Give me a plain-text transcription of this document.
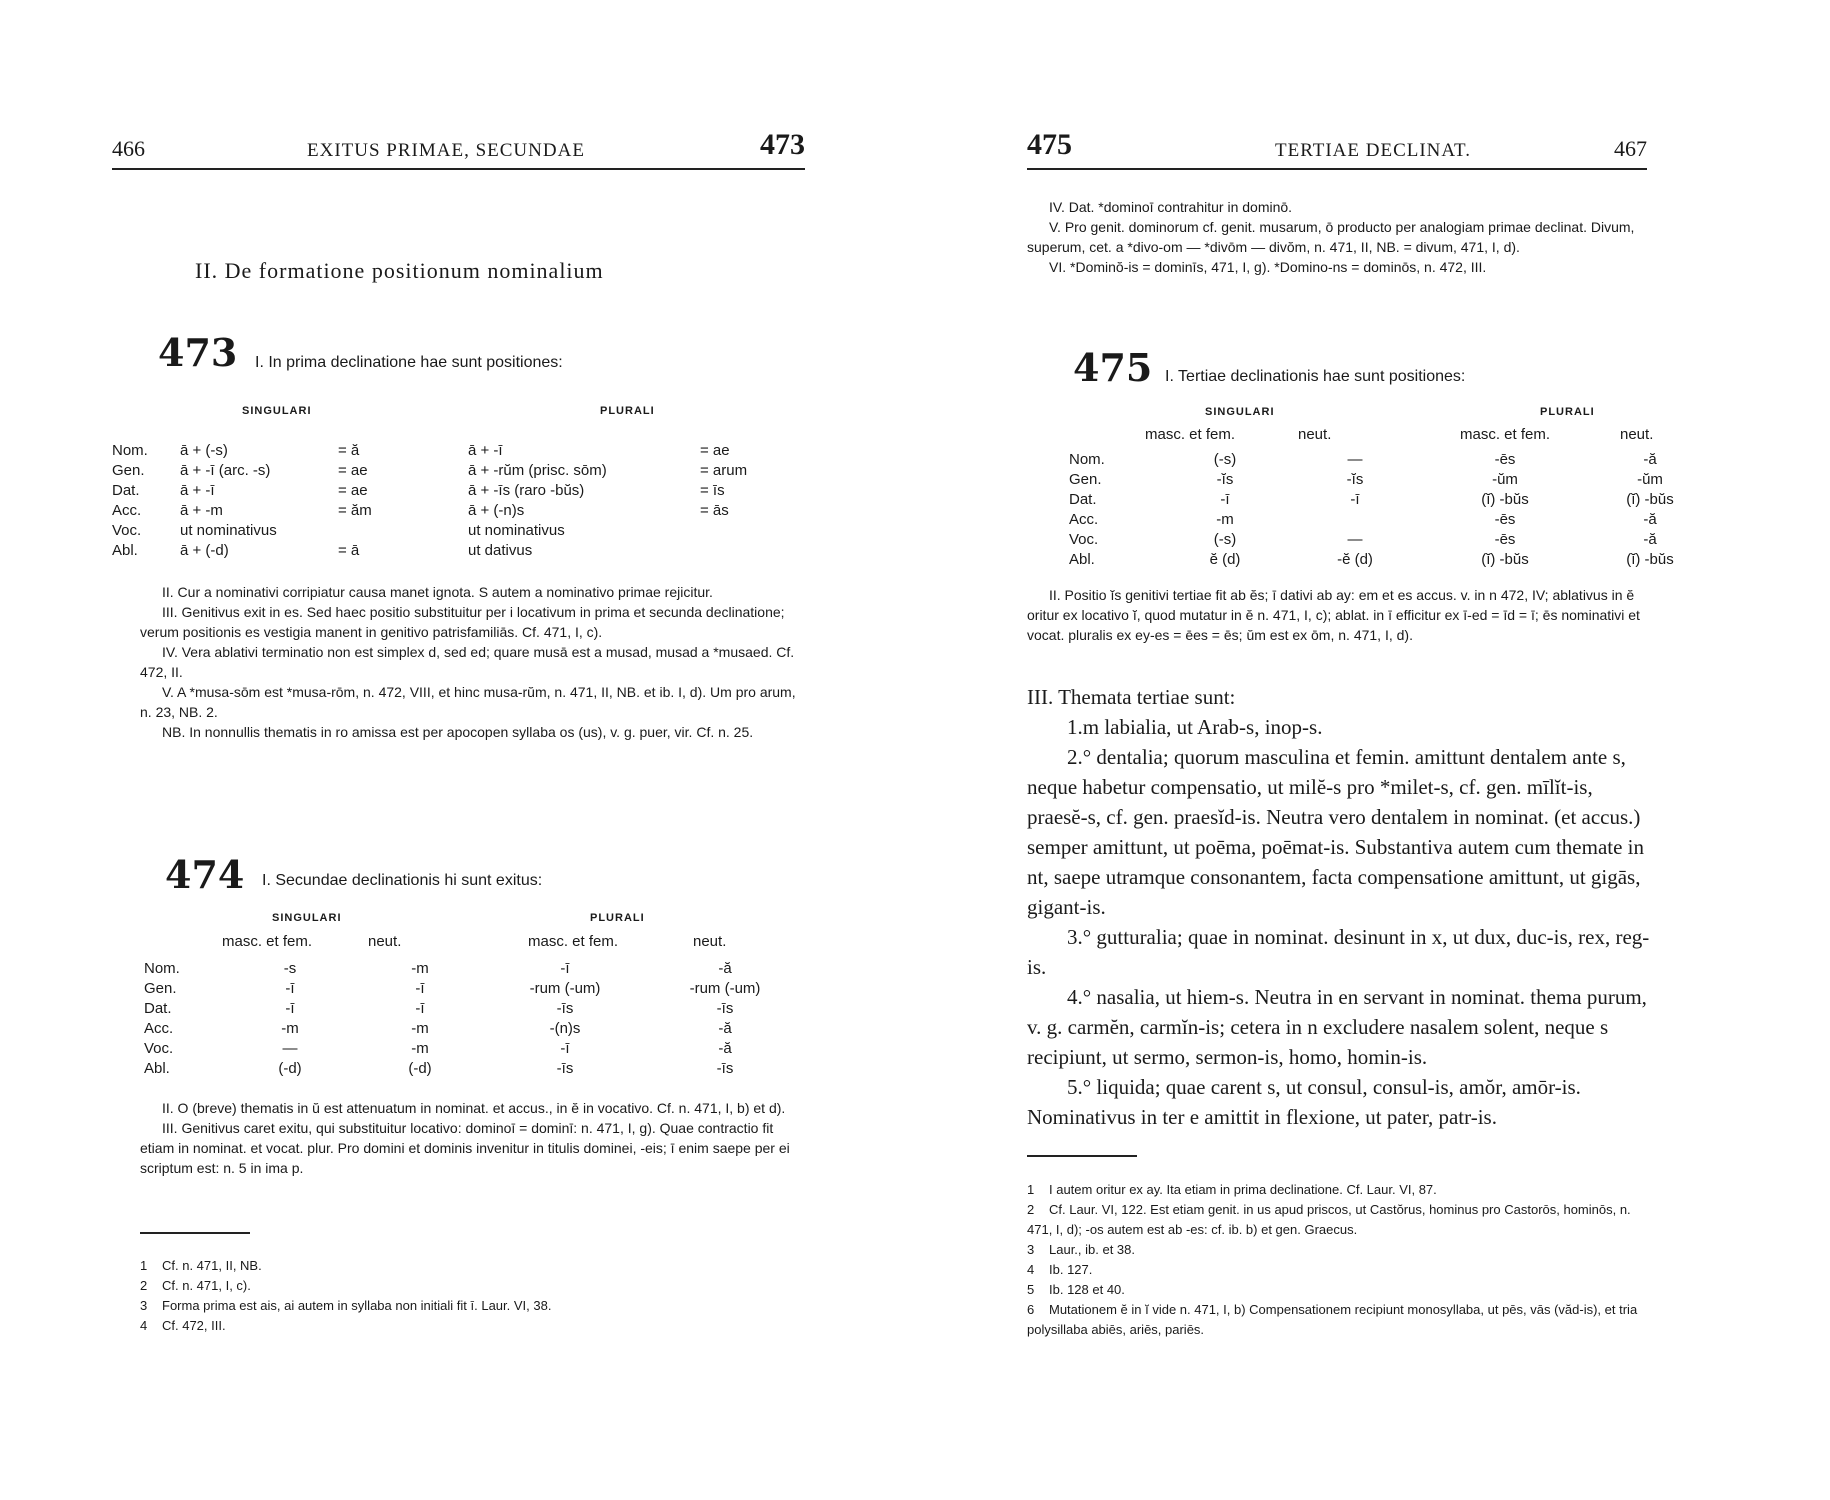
466	EXITUS PRIMAE, SECUNDAE	473
II. De formatione positionum nominalium
473 I. In prima declinatione hae sunt positiones:
SINGULARI	PLURALI
Nom.	ā + (-s)	= ă	ā + -ī	= ae
Gen.	ā + -ī (arc. -s)	= ae	ā + -rŭm (prisc. sōm)	= arum
Dat.	ā + -ī	= ae	ā + -īs (raro -bŭs)	= īs
Acc.	ā + -m	= ăm	ā + (-n)s	= ās
Voc.	ut nominativus		ut nominativus	
Abl.	ā + (-d)	= ā	ut dativus	

II. Cur a nominativi corripiatur causa manet ignota. S autem a nominativo primae rejicitur.

III. Genitivus exit in es. Sed haec positio substituitur per i locativum in prima et secunda declinatione; verum positionis es vestigia manent in genitivo patrisfamiliās. Cf. 471, I, c).

IV. Vera ablativi terminatio non est simplex d, sed ed; quare musā est a musad, musad a *musaed. Cf. 472, II.

V. A *musa-sōm est *musa-rōm, n. 472, VIII, et hinc musa-rŭm, n. 471, II, NB. et ib. I, d). Um pro arum, n. 23, NB. 2.

NB. In nonnullis thematis in ro amissa est per apocopen syllaba os (us), v. g. puer, vir. Cf. n. 25.

474 I. Secundae declinationis hi sunt exitus:
SINGULARI	PLURALI
masc. et fem.	neut.	masc. et fem.	neut.
Nom.	-s	-m	-ī	-ă
Gen.	-ī	-ī	-rum (-um)	-rum (-um)
Dat.	-ī	-ī	-īs	-īs
Acc.	-m	-m	-(n)s	-ă
Voc.	—	-m	-ī	-ă
Abl.	(-d)	(-d)	-īs	-īs

II. O (breve) thematis in ŭ est attenuatum in nominat. et accus., in ĕ in vocativo. Cf. n. 471, I, b) et d).

III. Genitivus caret exitu, qui substituitur locativo: dominoī = dominī: n. 471, I, g). Quae contractio fit etiam in nominat. et vocat. plur. Pro domini et dominis invenitur in titulis dominei, -eis; ī enim saepe per ei scriptum est: n. 5 in ima p.

1 Cf. n. 471, II, NB.
2 Cf. n. 471, I, c).
3 Forma prima est ais, ai autem in syllaba non initiali fit ī. Laur. VI, 38.
4 Cf. 472, III.
475	TERTIAE DECLINAT.	467

IV. Dat. *dominoī contrahitur in dominō.

V. Pro genit. dominorum cf. genit. musarum, ō producto per analogiam primae declinat. Divum, superum, cet. a *divo-om — *divōm — divŏm, n. 471, II, NB. = divum, 471, I, d).

VI. *Dominŏ-is = dominīs, 471, I, g). *Domino-ns = dominōs, n. 472, III.

475 I. Tertiae declinationis hae sunt positiones:
SINGULARI	PLURALI
masc. et fem.	neut.	masc. et fem.	neut.
Nom.	(-s)	—	-ēs	-ă
Gen.	-ĭs	-ĭs	-ŭm	-ŭm
Dat.	-ī	-ī	(ĭ) -bŭs	(ĭ) -bŭs
Acc.	-m		-ēs	-ă
Voc.	(-s)	—	-ēs	-ă
Abl.	ĕ (d)	-ĕ (d)	(ĭ) -bŭs	(ĭ) -bŭs

II. Positio ĭs genitivi tertiae fit ab ĕs; ī dativi ab ay: em et es accus. v. in n 472, IV; ablativus in ĕ oritur ex locativo ĭ, quod mutatur in ĕ n. 471, I, c); ablat. in ī efficitur ex ī-ed = īd = ī; ēs nominativi et vocat. pluralis ex ey-es = ēes = ēs; ŭm est ex ōm, n. 471, I, d).

III. Themata tertiae sunt:

1.m labialia, ut Arab-s, inop-s.

2.° dentalia; quorum masculina et femin. amittunt dentalem ante s, neque habetur compensatio, ut milĕ-s pro *milet-s, cf. gen. mīlĭt-is, praesĕ-s, cf. gen. praesĭd-is. Neutra vero dentalem in nominat. (et accus.) semper amittunt, ut poēma, poēmat-is. Substantiva autem cum themate in nt, saepe utramque consonantem, facta compensatione amittunt, ut gigās, gigant-is.

3.° gutturalia; quae in nominat. desinunt in x, ut dux, duc-is, rex, reg-is.

4.° nasalia, ut hiem-s. Neutra in en servant in nominat. thema purum, v. g. carmĕn, carmĭn-is; cetera in n excludere nasalem solent, neque s recipiunt, ut sermo, sermon-is, homo, homin-is.

5.° liquida; quae carent s, ut consul, consul-is, amŏr, amōr-is. Nominativus in ter e amittit in flexione, ut pater, patr-is.

1 I autem oritur ex ay. Ita etiam in prima declinatione. Cf. Laur. VI, 87.
2 Cf. Laur. VI, 122. Est etiam genit. in us apud priscos, ut Castŏrus, hominus pro Castorōs, hominōs, n. 471, I, d); -os autem est ab -es: cf. ib. b) et gen. Graecus.
3 Laur., ib. et 38.
4 Ib. 127.
5 Ib. 128 et 40.
6 Mutationem ĕ in ĭ vide n. 471, I, b) Compensationem recipiunt monosyllaba, ut pēs, vās (văd-is), et tria polysillaba abiēs, ariēs, pariēs.
